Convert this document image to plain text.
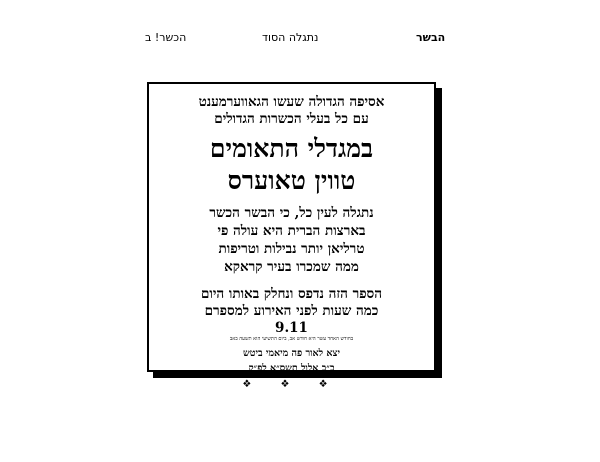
הכשר! ב	נתגלה הסוד	הבשר
אסיפה הגדולה שעשו הגאווערמענט
עם כל בעלי הכשרות הגדולים
במגדלי התאומים
טווין טאוערס
נתגלה לעין כל, כי הבשר הכשר
בארצות הברית היא עולה פי
טרליאן יותר נבילות וטריפות
ממה שמכרו בעיר קראקא
הספר הזה נדפס ונחלק באותו היום
כמה שעות לפני האירוע למספרם
9.11
בחודש האחד עשר היא חודש אב, ביום התשיעי הוא תשעה באב
יצא לאור פה מיאמי ביטש
כ״ב אלול תשס״א לפ״ק
❖ ❖ ❖
